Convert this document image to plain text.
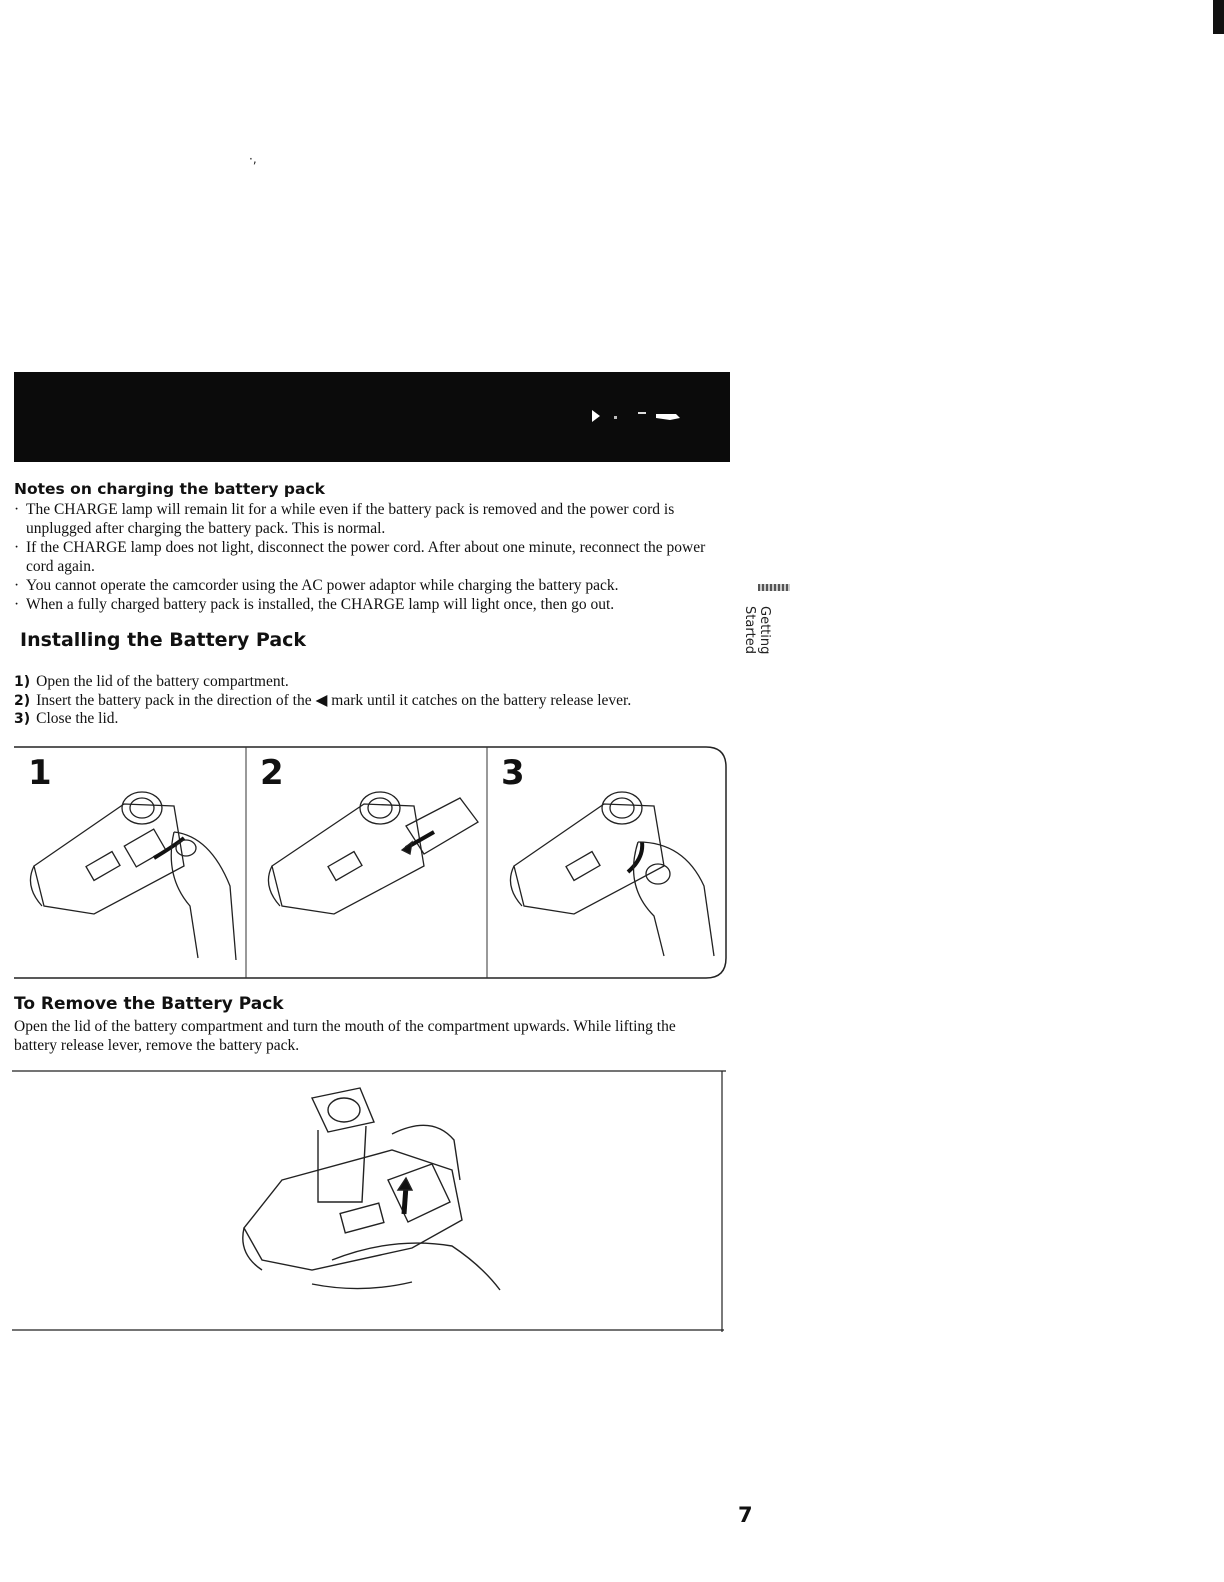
·,
Notes on charging the battery pack
· The CHARGE lamp will remain lit for a while even if the battery pack is removed and the power cord is unplugged after charging the battery pack. This is normal.
· If the CHARGE lamp does not light, disconnect the power cord. After about one minute, reconnect the power cord again.
· You cannot operate the camcorder using the AC power adaptor while charging the battery pack.
· When a fully charged battery pack is installed, the CHARGE lamp will light once, then go out.
Getting Started
Installing the Battery Pack
1) Open the lid of the battery compartment.
2) Insert the battery pack in the direction of the ◀ mark until it catches on the battery release lever.
3) Close the lid.
1	2	3
To Remove the Battery Pack

Open the lid of the battery compartment and turn the mouth of the compartment upwards. While lifting the battery release lever, remove the battery pack.

7
